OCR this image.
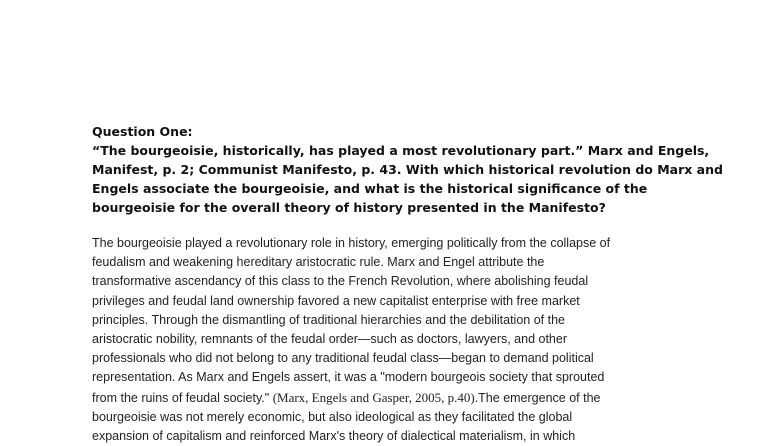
Question One:
“The bourgeoisie, historically, has played a most revolutionary part.” Marx and Engels,
Manifest, p. 2; Communist Manifesto, p. 43. With which historical revolution do Marx and
Engels associate the bourgeoisie, and what is the historical significance of the
bourgeoisie for the overall theory of history presented in the Manifesto?
The bourgeoisie played a revolutionary role in history, emerging politically from the collapse of
feudalism and weakening hereditary aristocratic rule. Marx and Engel attribute the
transformative ascendancy of this class to the French Revolution, where abolishing feudal
privileges and feudal land ownership favored a new capitalist enterprise with free market
principles. Through the dismantling of traditional hierarchies and the debilitation of the
aristocratic nobility, remnants of the feudal order—such as doctors, lawyers, and other
professionals who did not belong to any traditional feudal class—began to demand political
representation. As Marx and Engels assert, it was a "modern bourgeois society that sprouted
from the ruins of feudal society." (Marx, Engels and Gasper, 2005, p.40).The emergence of the
bourgeoisie was not merely economic, but also ideological as they facilitated the global
expansion of capitalism and reinforced Marx's theory of dialectical materialism, in which
